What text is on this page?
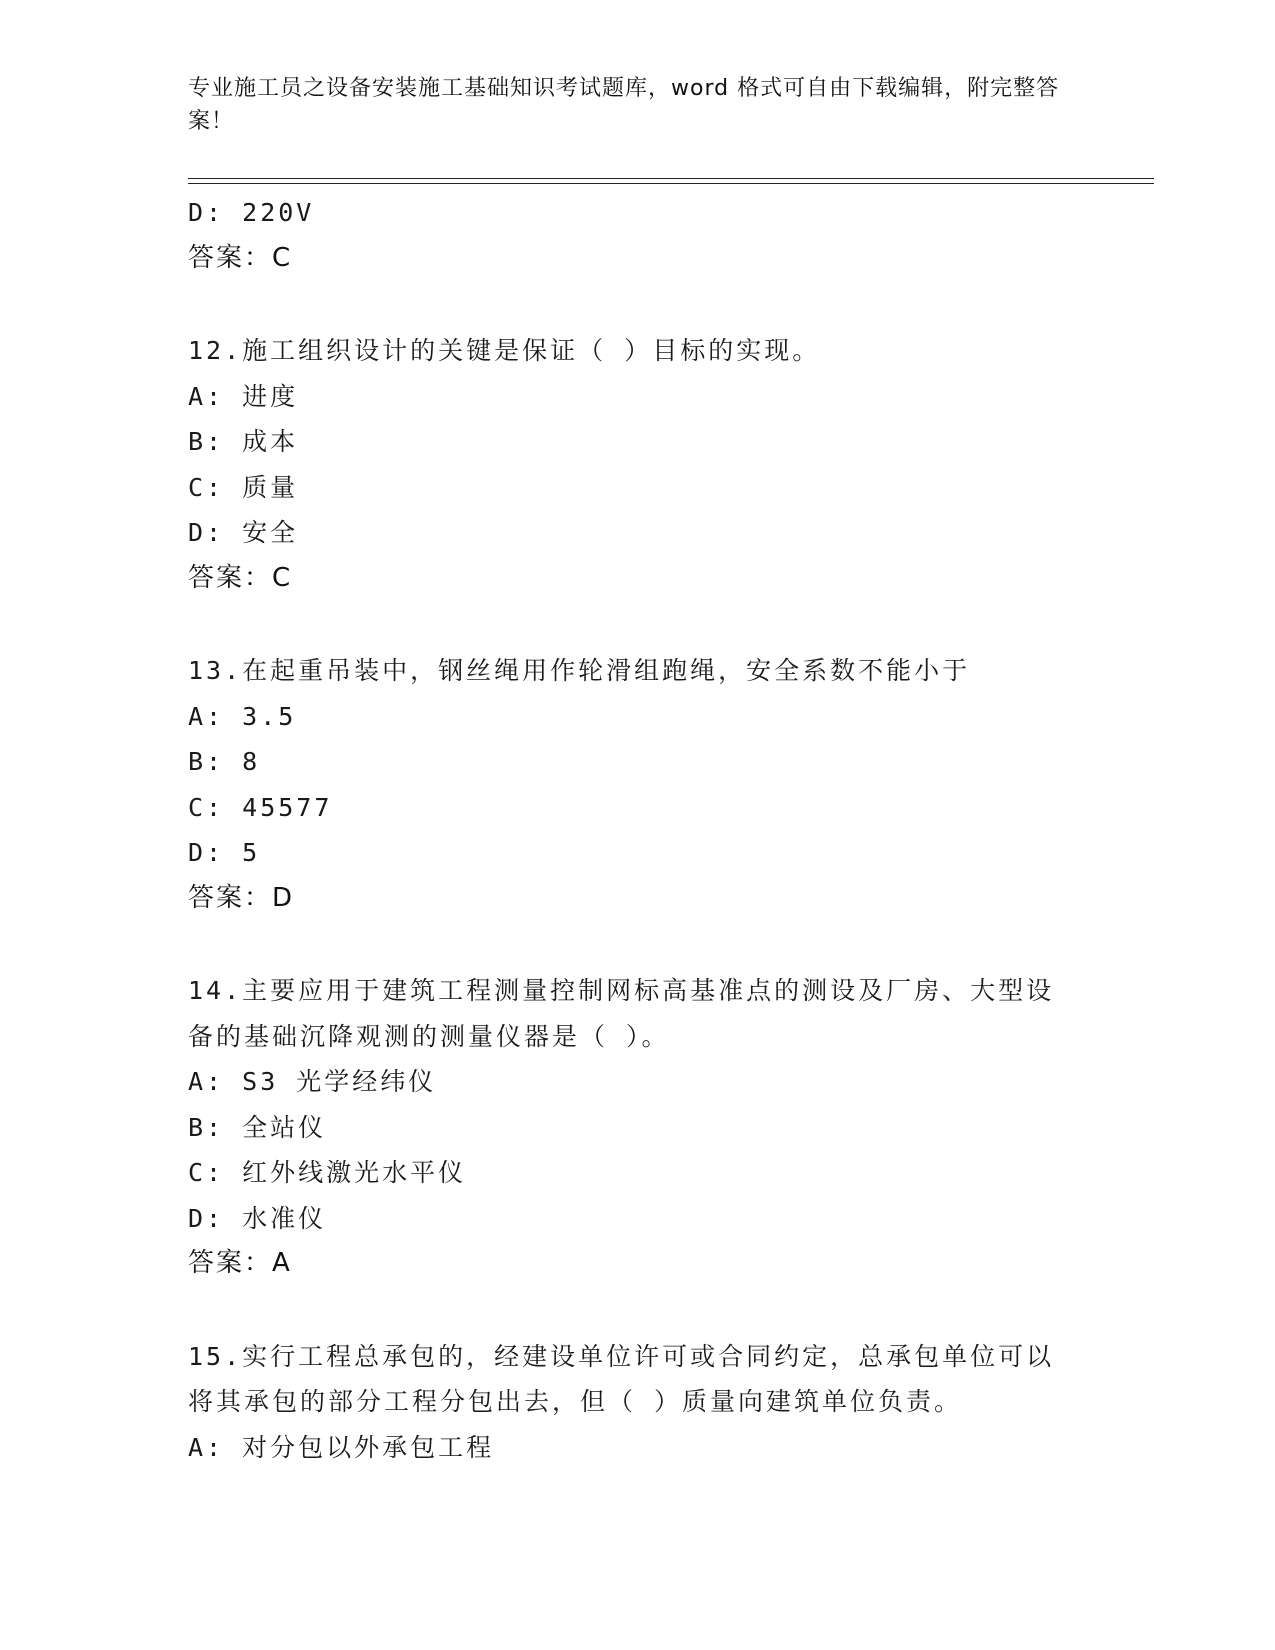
专业施工员之设备安装施工基础知识考试题库，word 格式可自由下载编辑，附完整答案！
D: 220V
答案：C
12.施工组织设计的关键是保证（ ）目标的实现。
A: 进度
B: 成本
C: 质量
D: 安全
答案：C
13.在起重吊装中，钢丝绳用作轮滑组跑绳，安全系数不能小于
A: 3.5
B: 8
C: 45577
D: 5
答案：D
14.主要应用于建筑工程测量控制网标高基准点的测设及厂房、大型设
备的基础沉降观测的测量仪器是（ ）。
A: S3 光学经纬仪
B: 全站仪
C: 红外线激光水平仪
D: 水准仪
答案：A
15.实行工程总承包的，经建设单位许可或合同约定，总承包单位可以
将其承包的部分工程分包出去，但（ ）质量向建筑单位负责。
A: 对分包以外承包工程
